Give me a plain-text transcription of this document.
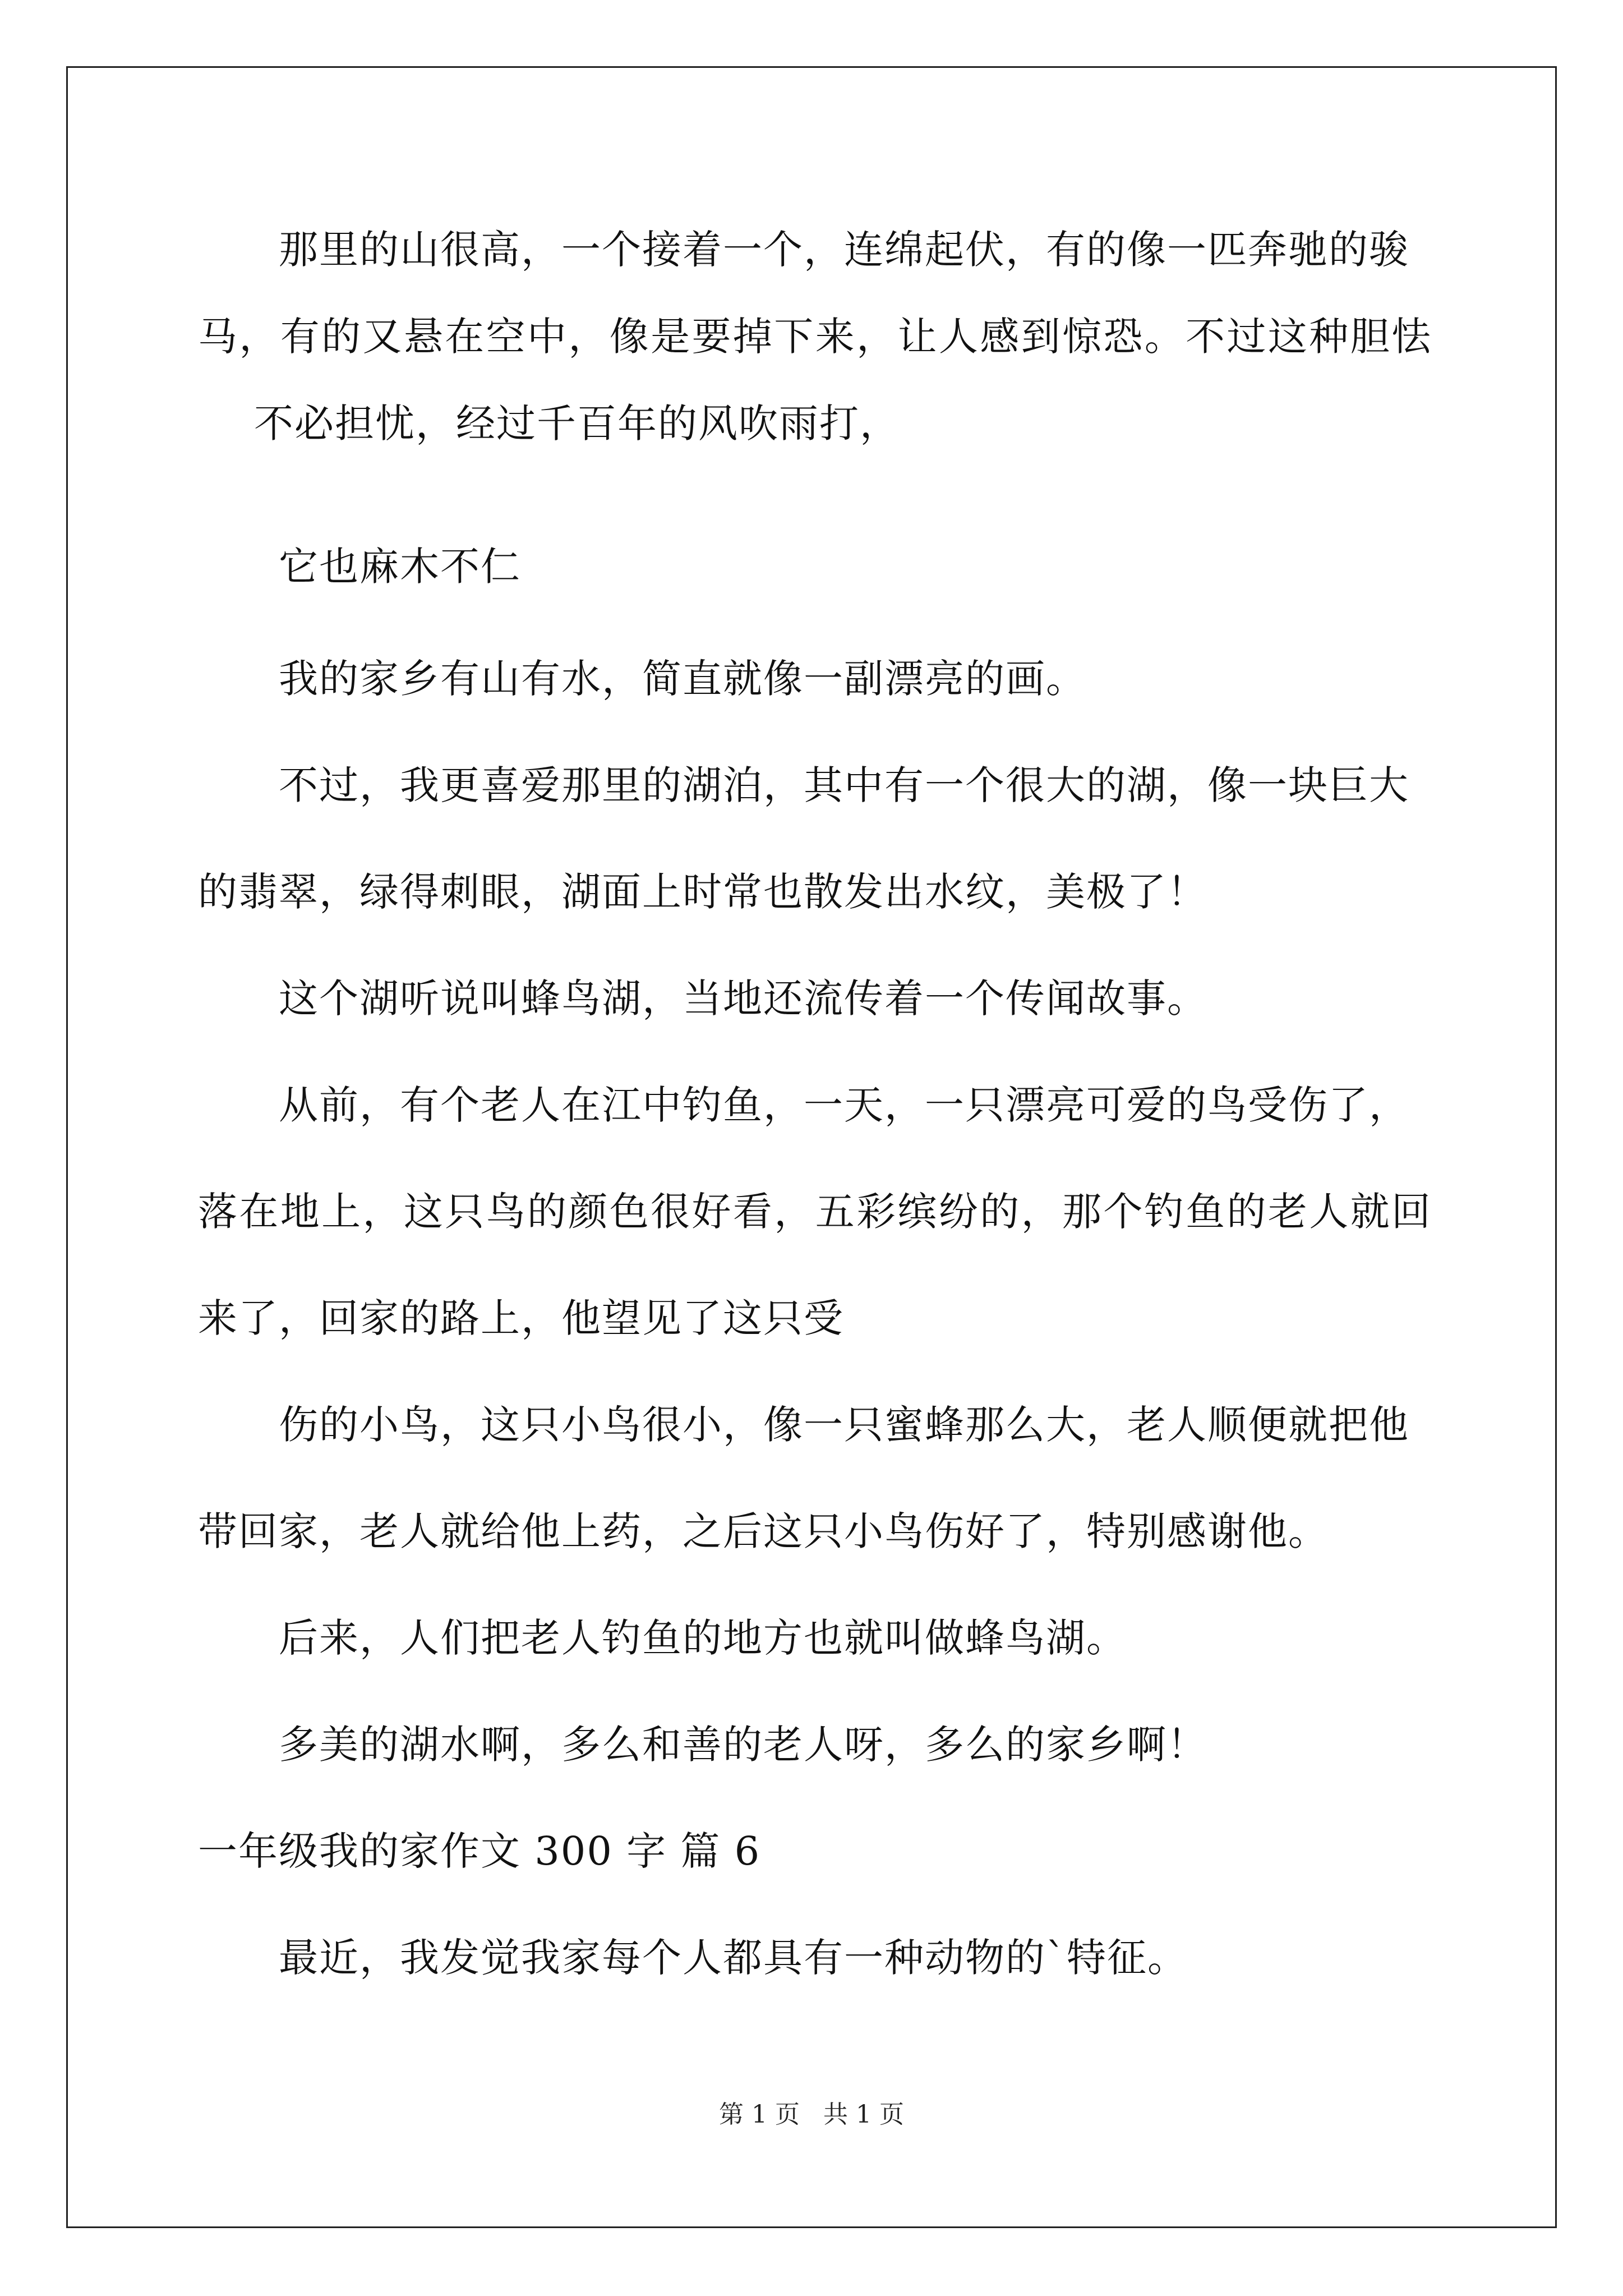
那里的山很高，一个接着一个，连绵起伏，有的像一匹奔驰的骏
马，有的又悬在空中，像是要掉下来，让人感到惊恐。不过这种胆怯
不必担忧，经过千百年的风吹雨打，
它也麻木不仁
我的家乡有山有水，简直就像一副漂亮的画。
不过，我更喜爱那里的湖泊，其中有一个很大的湖，像一块巨大
的翡翠，绿得刺眼，湖面上时常也散发出水纹，美极了！
这个湖听说叫蜂鸟湖，当地还流传着一个传闻故事。
从前，有个老人在江中钓鱼，一天，一只漂亮可爱的鸟受伤了，
落在地上，这只鸟的颜色很好看，五彩缤纷的，那个钓鱼的老人就回
来了，回家的路上，他望见了这只受
伤的小鸟，这只小鸟很小，像一只蜜蜂那么大，老人顺便就把他
带回家，老人就给他上药，之后这只小鸟伤好了，特别感谢他。
后来，人们把老人钓鱼的地方也就叫做蜂鸟湖。
多美的湖水啊，多么和善的老人呀，多么的家乡啊！
一年级我的家作文 300 字 篇 6
最近，我发觉我家每个人都具有一种动物的`特征。
第 1 页 共 1 页
